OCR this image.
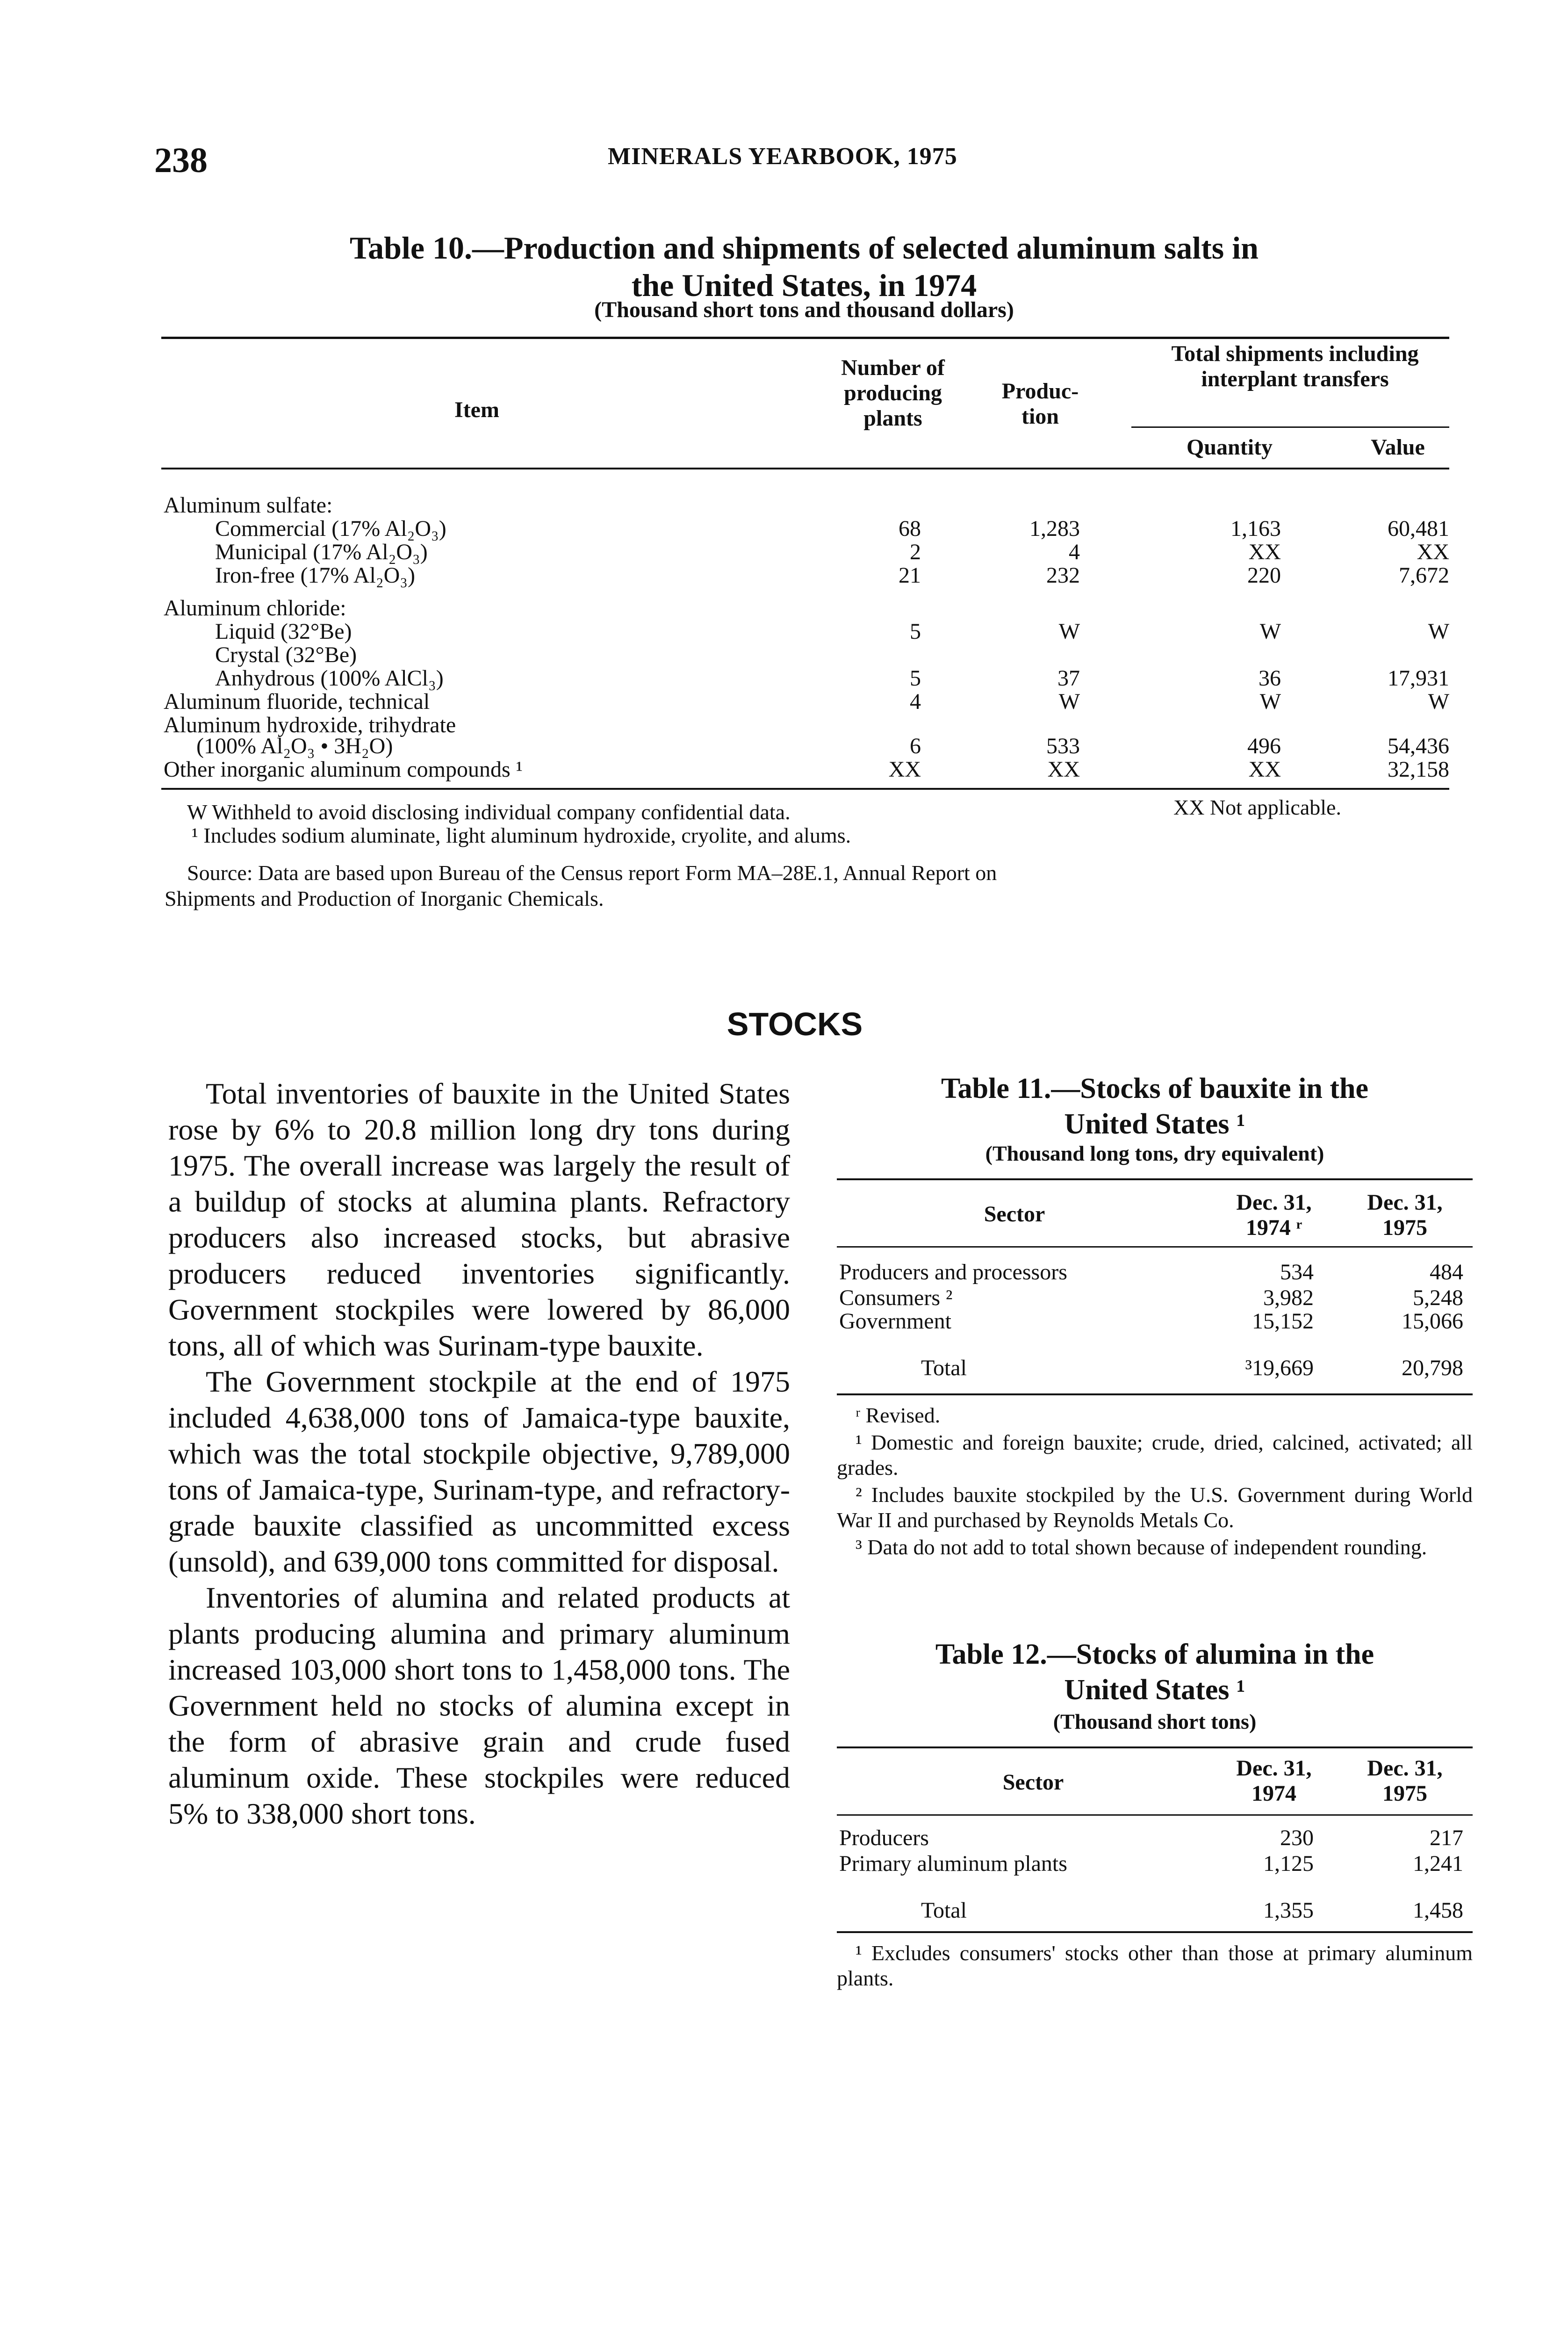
238	MINERALS YEARBOOK, 1975
Table 10.—Production and shipments of selected aluminum salts in
the United States, in 1974
(Thousand short tons and thousand dollars)
Item
Number of producing plants
Produc- tion
Total shipments including interplant transfers
Quantity	Value
Aluminum sulfate:
Commercial (17% Al₂O₃)	68	1,283	1,163	60,481
Municipal (17% Al₂O₃)	2	4	XX	XX
Iron-free (17% Al₂O₃)	21	232	220	7,672
Aluminum chloride:
Liquid (32°Be)	5	W	W	W
Crystal (32°Be)
Anhydrous (100% AlCl₃)	5	37	36	17,931
Aluminum fluoride, technical	4	W	W	W
Aluminum hydroxide, trihydrate
(100% Al₂O₃ • 3H₂O)	6	533	496	54,436
Other inorganic aluminum compounds ¹	XX	XX	XX	32,158
W Withheld to avoid disclosing individual company confidential data.	XX Not applicable.
¹ Includes sodium aluminate, light aluminum hydroxide, cryolite, and alums.
Source: Data are based upon Bureau of the Census report Form MA–28E.1, Annual Report on
Shipments and Production of Inorganic Chemicals.
STOCKS

Total inventories of bauxite in the United States rose by 6% to 20.8 million long dry tons during 1975. The overall increase was largely the result of a buildup of stocks at alumina plants. Refractory producers also increased stocks, but abrasive producers reduced inventories significantly. Government stockpiles were lowered by 86,000 tons, all of which was Surinam-type bauxite.

The Government stockpile at the end of 1975 included 4,638,000 tons of Jamaica-type bauxite, which was the total stockpile objective, 9,789,000 tons of Jamaica-type, Surinam-type, and refractory-grade bauxite classified as uncommitted excess (unsold), and 639,000 tons committed for disposal.

Inventories of alumina and related products at plants producing alumina and primary aluminum increased 103,000 short tons to 1,458,000 tons. The Government held no stocks of alumina except in the form of abrasive grain and crude fused aluminum oxide. These stockpiles were reduced 5% to 338,000 short tons.

Table 11.—Stocks of bauxite in the
United States ¹
(Thousand long tons, dry equivalent)
Sector	Dec. 31, 1974 ʳ
Dec. 31, 1975
Producers and processors	534	484
Consumers ²	3,982	5,248
Government	15,152	15,066
Total	³19,669	20,798
ʳ Revised.
¹ Domestic and foreign bauxite; crude, dried, calcined, activated; all grades.
² Includes bauxite stockpiled by the U.S. Government during World War II and purchased by Reynolds Metals Co.
³ Data do not add to total shown because of independent rounding.
Table 12.—Stocks of alumina in the
United States ¹
(Thousand short tons)
Sector
Dec. 31, 1974
Dec. 31, 1975
Producers	230	217
Primary aluminum plants	1,125	1,241
Total	1,355	1,458
¹ Excludes consumers' stocks other than those at primary aluminum plants.
